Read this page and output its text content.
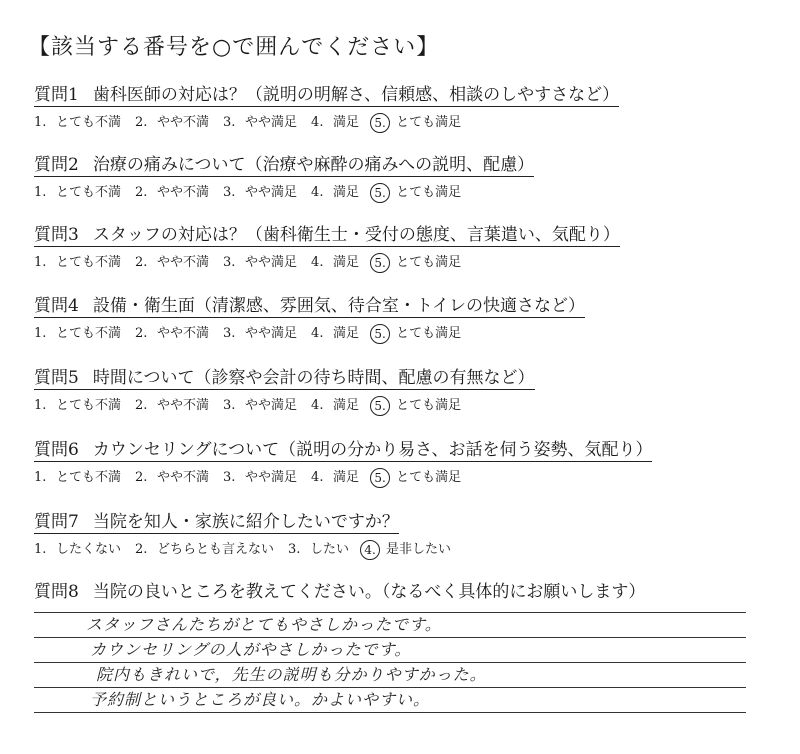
【該当する番号を○で囲んでください】
質問1 歯科医師の対応は？（説明の明解さ、信頼感、相談のしやすさなど）
1. とても不満 2. やや不満 3. やや満足 4. 満足	5. とても満足
質問2 治療の痛みについて（治療や麻酔の痛みへの説明、配慮）
1. とても不満 2. やや不満 3. やや満足 4. 満足	5. とても満足
質問3 スタッフの対応は？（歯科衛生士・受付の態度、言葉遣い、気配り）
1. とても不満 2. やや不満 3. やや満足 4. 満足	5. とても満足
質問4 設備・衛生面（清潔感、雰囲気、待合室・トイレの快適さなど）
1. とても不満 2. やや不満 3. やや満足 4. 満足	5. とても満足
質問5 時間について（診察や会計の待ち時間、配慮の有無など）
1. とても不満 2. やや不満 3. やや満足 4. 満足	5. とても満足
質問6 カウンセリングについて（説明の分かり易さ、お話を伺う姿勢、気配り）
1. とても不満 2. やや不満 3. やや満足 4. 満足	5. とても満足
質問7 当院を知人・家族に紹介したいですか？
1. したくない 2. どちらとも言えない 3. したい	4. 是非したい
質問8 当院の良いところを教えてください。（なるべく具体的にお願いします）
スタッフさんたちがとてもやさしかったです。
カウンセリングの人がやさしかったです。
院内もきれいで，先生の説明も分かりやすかった。
予約制というところが良い。かよいやすい。
